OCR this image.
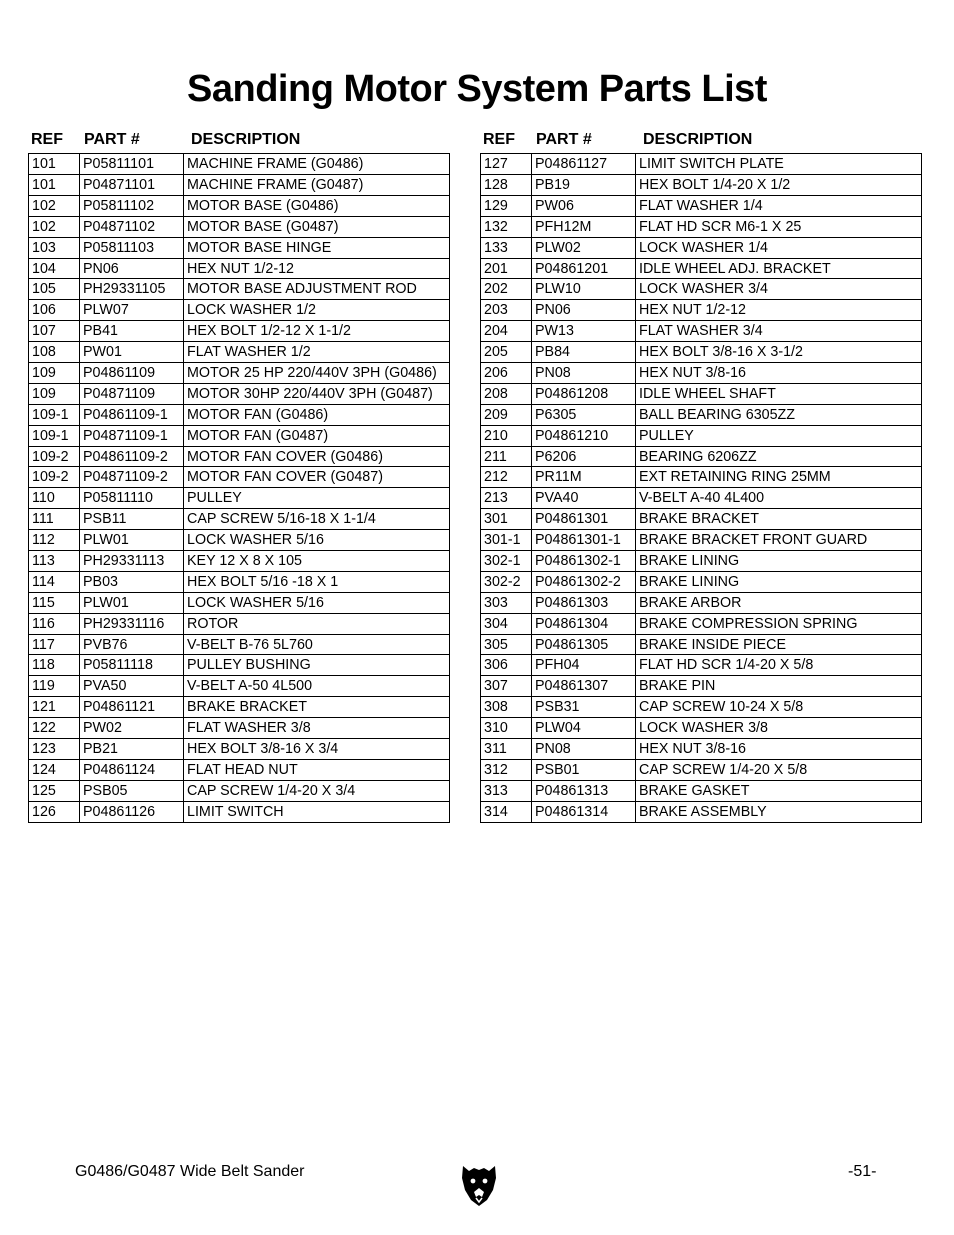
Sanding Motor System Parts List
REF	PART #	DESCRIPTION
101	P05811101	MACHINE FRAME (G0486)
101	P04871101	MACHINE FRAME (G0487)
102	P05811102	MOTOR BASE (G0486)
102	P04871102	MOTOR BASE (G0487)
103	P05811103	MOTOR BASE HINGE
104	PN06	HEX NUT 1/2-12
105	PH29331105	MOTOR BASE ADJUSTMENT ROD
106	PLW07	LOCK WASHER 1/2
107	PB41	HEX BOLT 1/2-12 X 1-1/2
108	PW01	FLAT WASHER 1/2
109	P04861109	MOTOR 25 HP 220/440V 3PH (G0486)
109	P04871109	MOTOR 30HP 220/440V 3PH (G0487)
109-1	P04861109-1	MOTOR FAN (G0486)
109-1	P04871109-1	MOTOR FAN (G0487)
109-2	P04861109-2	MOTOR FAN COVER (G0486)
109-2	P04871109-2	MOTOR FAN COVER (G0487)
110	P05811110	PULLEY
111	PSB11	CAP SCREW 5/16-18 X 1-1/4
112	PLW01	LOCK WASHER 5/16
113	PH29331113	KEY 12 X 8 X 105
114	PB03	HEX BOLT 5/16 -18 X 1
115	PLW01	LOCK WASHER 5/16
116	PH29331116	ROTOR
117	PVB76	V-BELT B-76 5L760
118	P05811118	PULLEY BUSHING
119	PVA50	V-BELT A-50 4L500
121	P04861121	BRAKE BRACKET
122	PW02	FLAT WASHER 3/8
123	PB21	HEX BOLT 3/8-16 X 3/4
124	P04861124	FLAT HEAD NUT
125	PSB05	CAP SCREW 1/4-20 X 3/4
126	P04861126	LIMIT SWITCH
REF	PART #	DESCRIPTION
127	P04861127	LIMIT SWITCH PLATE
128	PB19	HEX BOLT 1/4-20 X 1/2
129	PW06	FLAT WASHER 1/4
132	PFH12M	FLAT HD SCR M6-1 X 25
133	PLW02	LOCK WASHER 1/4
201	P04861201	IDLE WHEEL ADJ. BRACKET
202	PLW10	LOCK WASHER 3/4
203	PN06	HEX NUT 1/2-12
204	PW13	FLAT WASHER 3/4
205	PB84	HEX BOLT 3/8-16 X 3-1/2
206	PN08	HEX NUT 3/8-16
208	P04861208	IDLE WHEEL SHAFT
209	P6305	BALL BEARING 6305ZZ
210	P04861210	PULLEY
211	P6206	BEARING 6206ZZ
212	PR11M	EXT RETAINING RING 25MM
213	PVA40	V-BELT A-40 4L400
301	P04861301	BRAKE BRACKET
301-1	P04861301-1	BRAKE BRACKET FRONT GUARD
302-1	P04861302-1	BRAKE LINING
302-2	P04861302-2	BRAKE LINING
303	P04861303	BRAKE ARBOR
304	P04861304	BRAKE COMPRESSION SPRING
305	P04861305	BRAKE INSIDE PIECE
306	PFH04	FLAT HD SCR 1/4-20 X 5/8
307	P04861307	BRAKE PIN
308	PSB31	CAP SCREW 10-24 X 5/8
310	PLW04	LOCK WASHER 3/8
311	PN08	HEX NUT 3/8-16
312	PSB01	CAP SCREW 1/4-20 X 5/8
313	P04861313	BRAKE GASKET
314	P04861314	BRAKE ASSEMBLY
G0486/G0487 Wide Belt Sander	-51-
